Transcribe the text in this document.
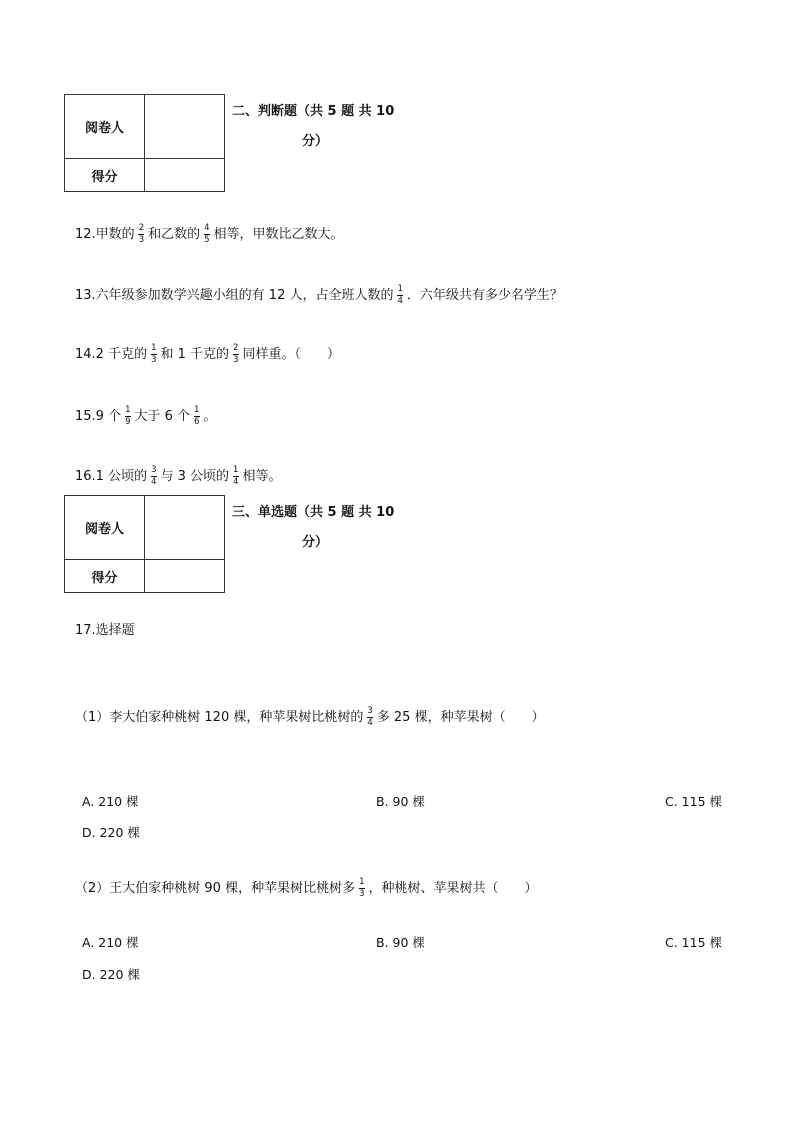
阅卷人	
得分	
二、判断题（共 5 题 共 10
分）
12.甲数的 $\frac{2}{3}$ 和乙数的 $\frac{4}{5}$ 相等，甲数比乙数大。
13.六年级参加数学兴趣小组的有 12 人，占全班人数的 $\frac{1}{4}$ ．六年级共有多少名学生？
14.2 千克的 $\frac{1}{3}$ 和 1 千克的 $\frac{2}{3}$ 同样重。（　　）
15.9 个 $\frac{1}{9}$ 大于 6 个 $\frac{1}{6}$ 。
16.1 公顷的 $\frac{3}{4}$ 与 3 公顷的 $\frac{1}{4}$ 相等。
阅卷人	
得分	
三、单选题（共 5 题 共 10
分）
17.选择题
（1）李大伯家种桃树 120 棵，种苹果树比桃树的 $\frac{3}{4}$ 多 25 棵，种苹果树（　　）
A. 210 棵	B. 90 棵	C. 115 棵
D. 220 棵
（2）王大伯家种桃树 90 棵，种苹果树比桃树多 $\frac{1}{3}$ ，种桃树、苹果树共（　　）
A. 210 棵	B. 90 棵	C. 115 棵
D. 220 棵
